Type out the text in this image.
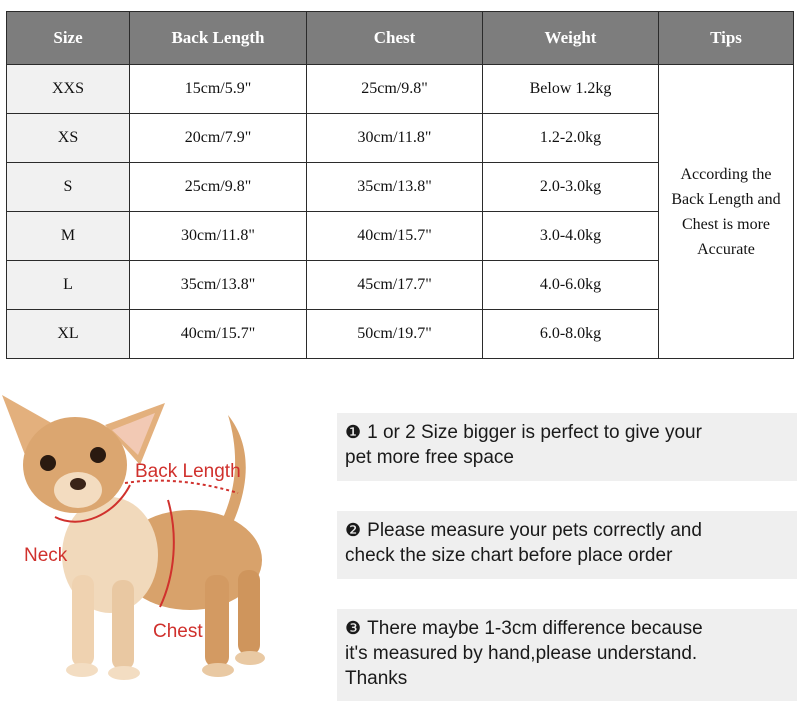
Size	Back Length	Chest	Weight	Tips
XXS	15cm/5.9"	25cm/9.8"	Below 1.2kg	According the
Back Length and
Chest is more
Accurate

XS	20cm/7.9"	30cm/11.8"	1.2-2.0kg	
S	25cm/9.8"	35cm/13.8"	2.0-3.0kg	
M	30cm/11.8"	40cm/15.7"	3.0-4.0kg	
L	35cm/13.8"	45cm/17.7"	4.0-6.0kg	
XL	40cm/15.7"	50cm/19.7"	6.0-8.0kg	
Back Length
Neck
Chest
❶ 1 or 2 Size bigger is perfect to give your
pet more free space
❷ Please measure your pets correctly and
check the size chart before place order
❸ There maybe 1-3cm difference because
it's measured by hand,please understand.
Thanks
